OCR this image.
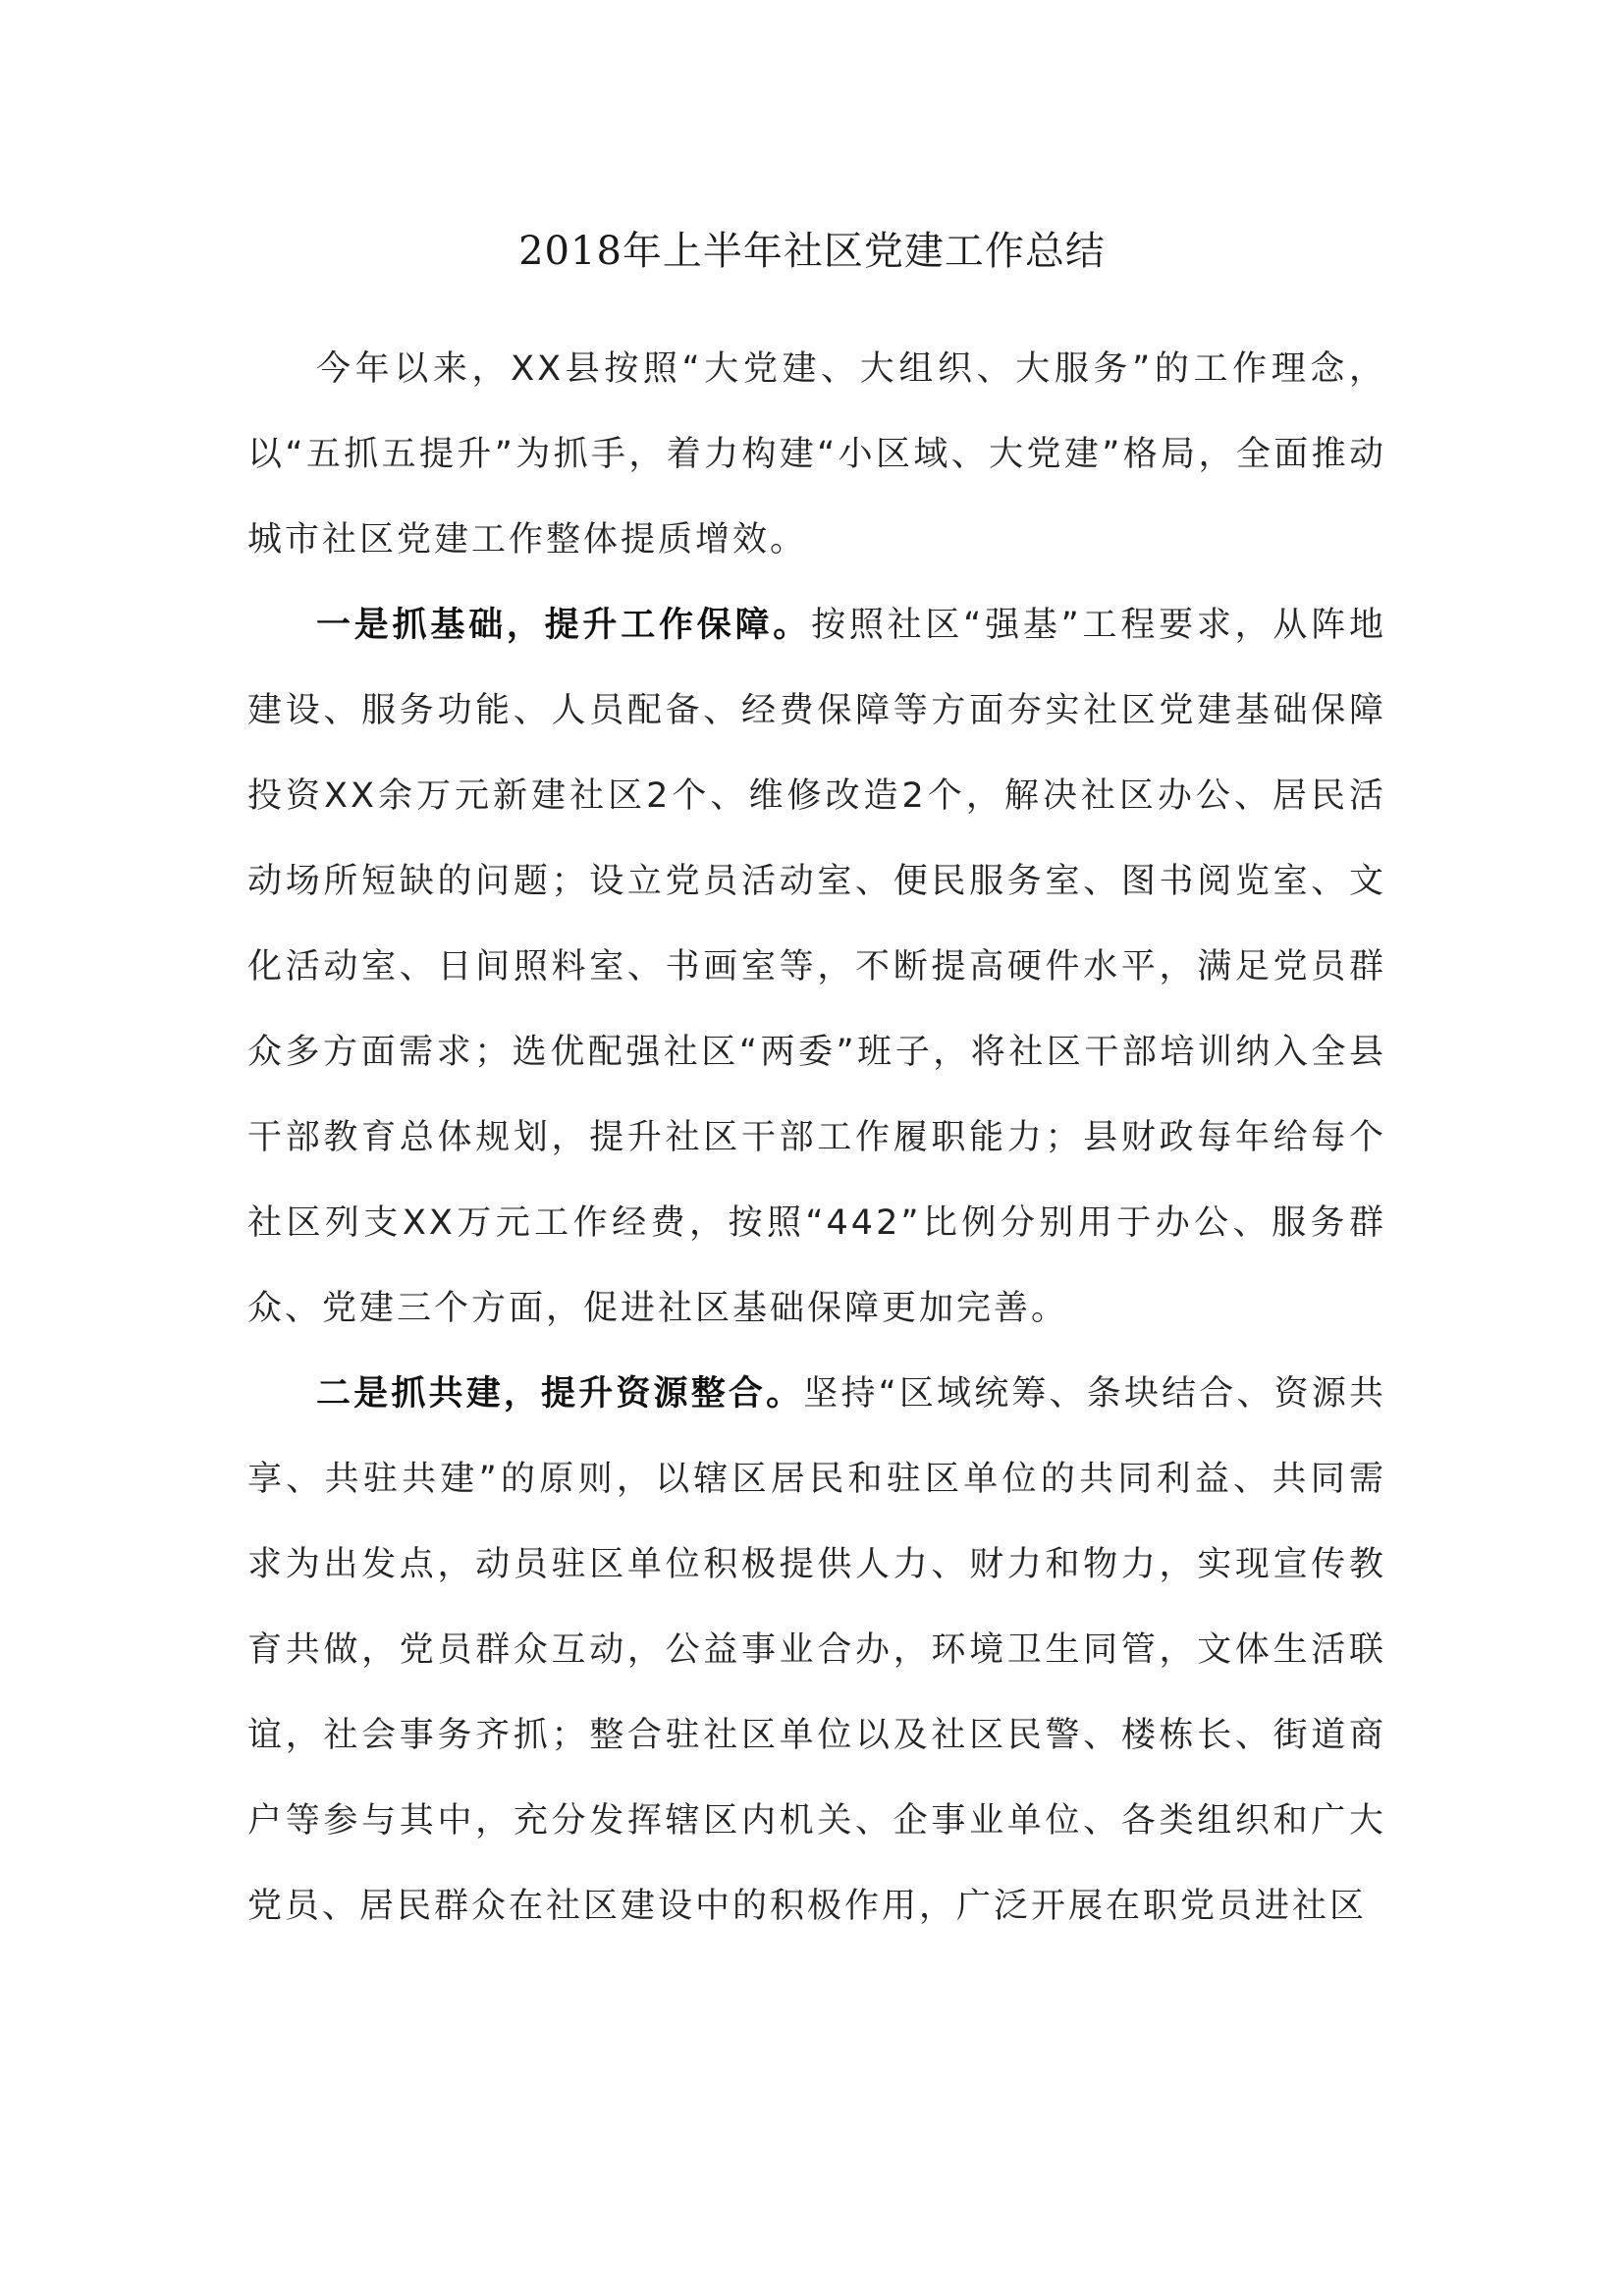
2018年上半年社区党建工作总结

今年以来，XX县按照“大党建、大组织、大服务”的工作理念，以“五抓五提升”为抓手，着力构建“小区域、大党建”格局，全面推动城市社区党建工作整体提质增效。

一是抓基础，提升工作保障。按照社区“强基”工程要求，从阵地建设、服务功能、人员配备、经费保障等方面夯实社区党建基础保障投资XX余万元新建社区2个、维修改造2个，解决社区办公、居民活动场所短缺的问题；设立党员活动室、便民服务室、图书阅览室、文化活动室、日间照料室、书画室等，不断提高硬件水平，满足党员群众多方面需求；选优配强社区“两委”班子，将社区干部培训纳入全县干部教育总体规划，提升社区干部工作履职能力；县财政每年给每个社区列支XX万元工作经费，按照“442”比例分别用于办公、服务群众、党建三个方面，促进社区基础保障更加完善。

二是抓共建，提升资源整合。坚持“区域统筹、条块结合、资源共享、共驻共建”的原则，以辖区居民和驻区单位的共同利益、共同需求为出发点，动员驻区单位积极提供人力、财力和物力，实现宣传教育共做，党员群众互动，公益事业合办，环境卫生同管，文体生活联谊，社会事务齐抓；整合驻社区单位以及社区民警、楼栋长、街道商户等参与其中，充分发挥辖区内机关、企事业单位、各类组织和广大党员、居民群众在社区建设中的积极作用，广泛开展在职党员进社区
